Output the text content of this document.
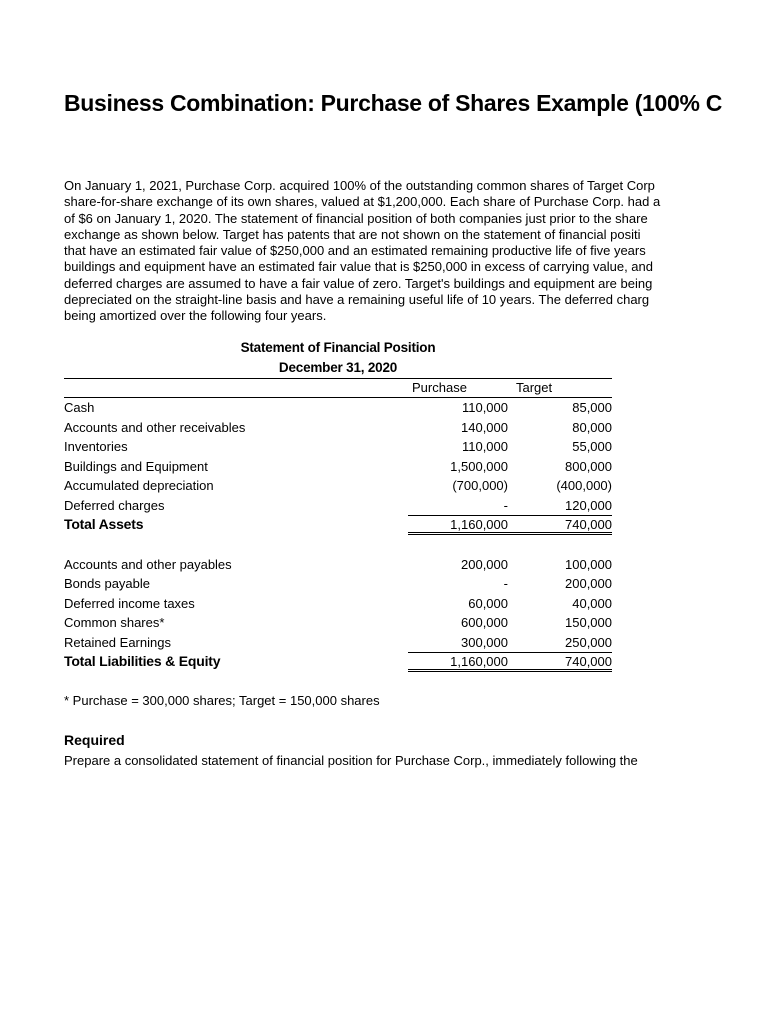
Business Combination: Purchase of Shares Example (100% C
On January 1, 2021, Purchase Corp. acquired 100% of the outstanding common shares of Target Corp
share-for-share exchange of its own shares, valued at $1,200,000. Each share of Purchase Corp. had a
of $6 on January 1, 2020. The statement of financial position of both companies just prior to the share
exchange as shown below. Target has patents that are not shown on the statement of financial positi
that have an estimated fair value of $250,000 and an estimated remaining productive life of five years
buildings and equipment have an estimated fair value that is $250,000 in excess of carrying value, and
deferred charges are assumed to have a fair value of zero. Target's buildings and equipment are being
depreciated on the straight-line basis and have a remaining useful life of 10 years. The deferred charg
being amortized over the following four years.
Statement of Financial Position
December 31, 2020
Purchase	Target
Cash	110,000	85,000
Accounts and other receivables	140,000	80,000
Inventories	110,000	55,000
Buildings and Equipment	1,500,000	800,000
Accumulated depreciation	(700,000)	(400,000)
Deferred charges	-	120,000
Total Assets	1,160,000	740,000
Accounts and other payables	200,000	100,000
Bonds payable	-	200,000
Deferred income taxes	60,000	40,000
Common shares*	600,000	150,000
Retained Earnings	300,000	250,000
Total Liabilities & Equity	1,160,000	740,000
* Purchase = 300,000 shares; Target = 150,000 shares
Required
Prepare a consolidated statement of financial position for Purchase Corp., immediately following the
